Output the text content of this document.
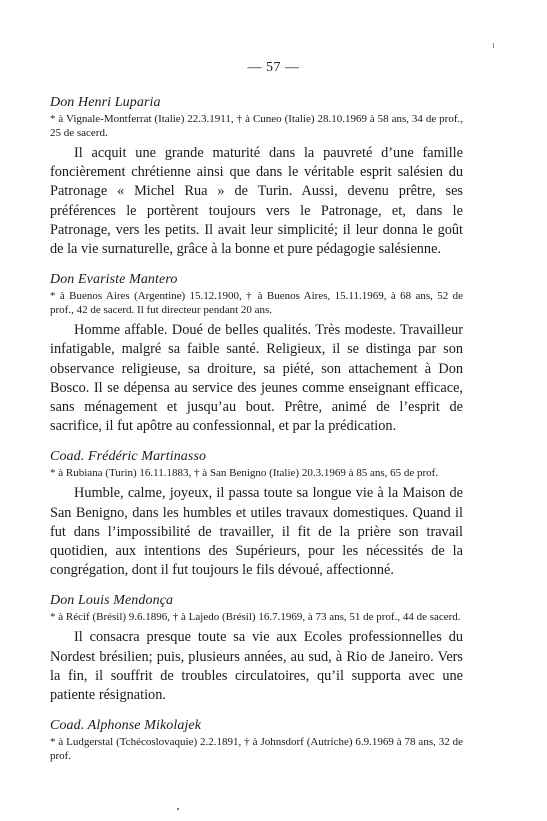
— 57 —

Don Henri Luparia

* à Vignale-Montferrat (Italie) 22.3.1911, † à Cuneo (Italie) 28.10.1969 à 58 ans, 34 de prof., 25 de sacerd.

Il acquit une grande maturité dans la pauvreté d’une famille foncièrement chrétienne ainsi que dans le véritable esprit salésien du Patronage « Michel Rua » de Turin. Aussi, devenu prêtre, ses préférences le portèrent toujours vers le Patronage, et, dans le Patronage, vers les petits. Il avait leur simplicité; il leur donna le goût de la vie surnaturelle, grâce à la bonne et pure pédagogie salésienne.

Don Evariste Mantero

* à Buenos Aires (Argentine) 15.12.1900, † à Buenos Aires, 15.11.1969, à 68 ans, 52 de prof., 42 de sacerd. Il fut directeur pendant 20 ans.

Homme affable. Doué de belles qualités. Très modeste. Travailleur infatigable, malgré sa faible santé. Religieux, il se distinga par son observance religieuse, sa droiture, sa piété, son attachement à Don Bosco. Il se dépensa au service des jeunes comme enseignant efficace, sans ménagement et jusqu’au bout. Prêtre, animé de l’esprit de sacrifice, il fut apôtre au confessionnal, et par la prédication.

Coad. Frédéric Martinasso

* à Rubiana (Turin) 16.11.1883, † à San Benigno (Italie) 20.3.1969 à 85 ans, 65 de prof.

Humble, calme, joyeux, il passa toute sa longue vie à la Maison de San Benigno, dans les humbles et utiles travaux domestiques. Quand il fut dans l’impossibilité de travailler, il fit de la prière son travail quotidien, aux intentions des Supérieurs, pour les nécessités de la congrégation, dont il fut toujours le fils dévoué, affectionné.

Don Louis Mendonça

* à Récif (Brésil) 9.6.1896, † à Lajedo (Brésil) 16.7.1969, à 73 ans, 51 de prof., 44 de sacerd.

Il consacra presque toute sa vie aux Ecoles professionnelles du Nordest brésilien; puis, plusieurs années, au sud, à Rio de Janeiro. Vers la fin, il souffrit de troubles circulatoires, qu’il supporta avec une patiente résignation.

Coad. Alphonse Mikolajek

* à Ludgerstal (Tchécoslovaquie) 2.2.1891, † à Johnsdorf (Autriche) 6.9.1969 à 78 ans, 32 de prof.
